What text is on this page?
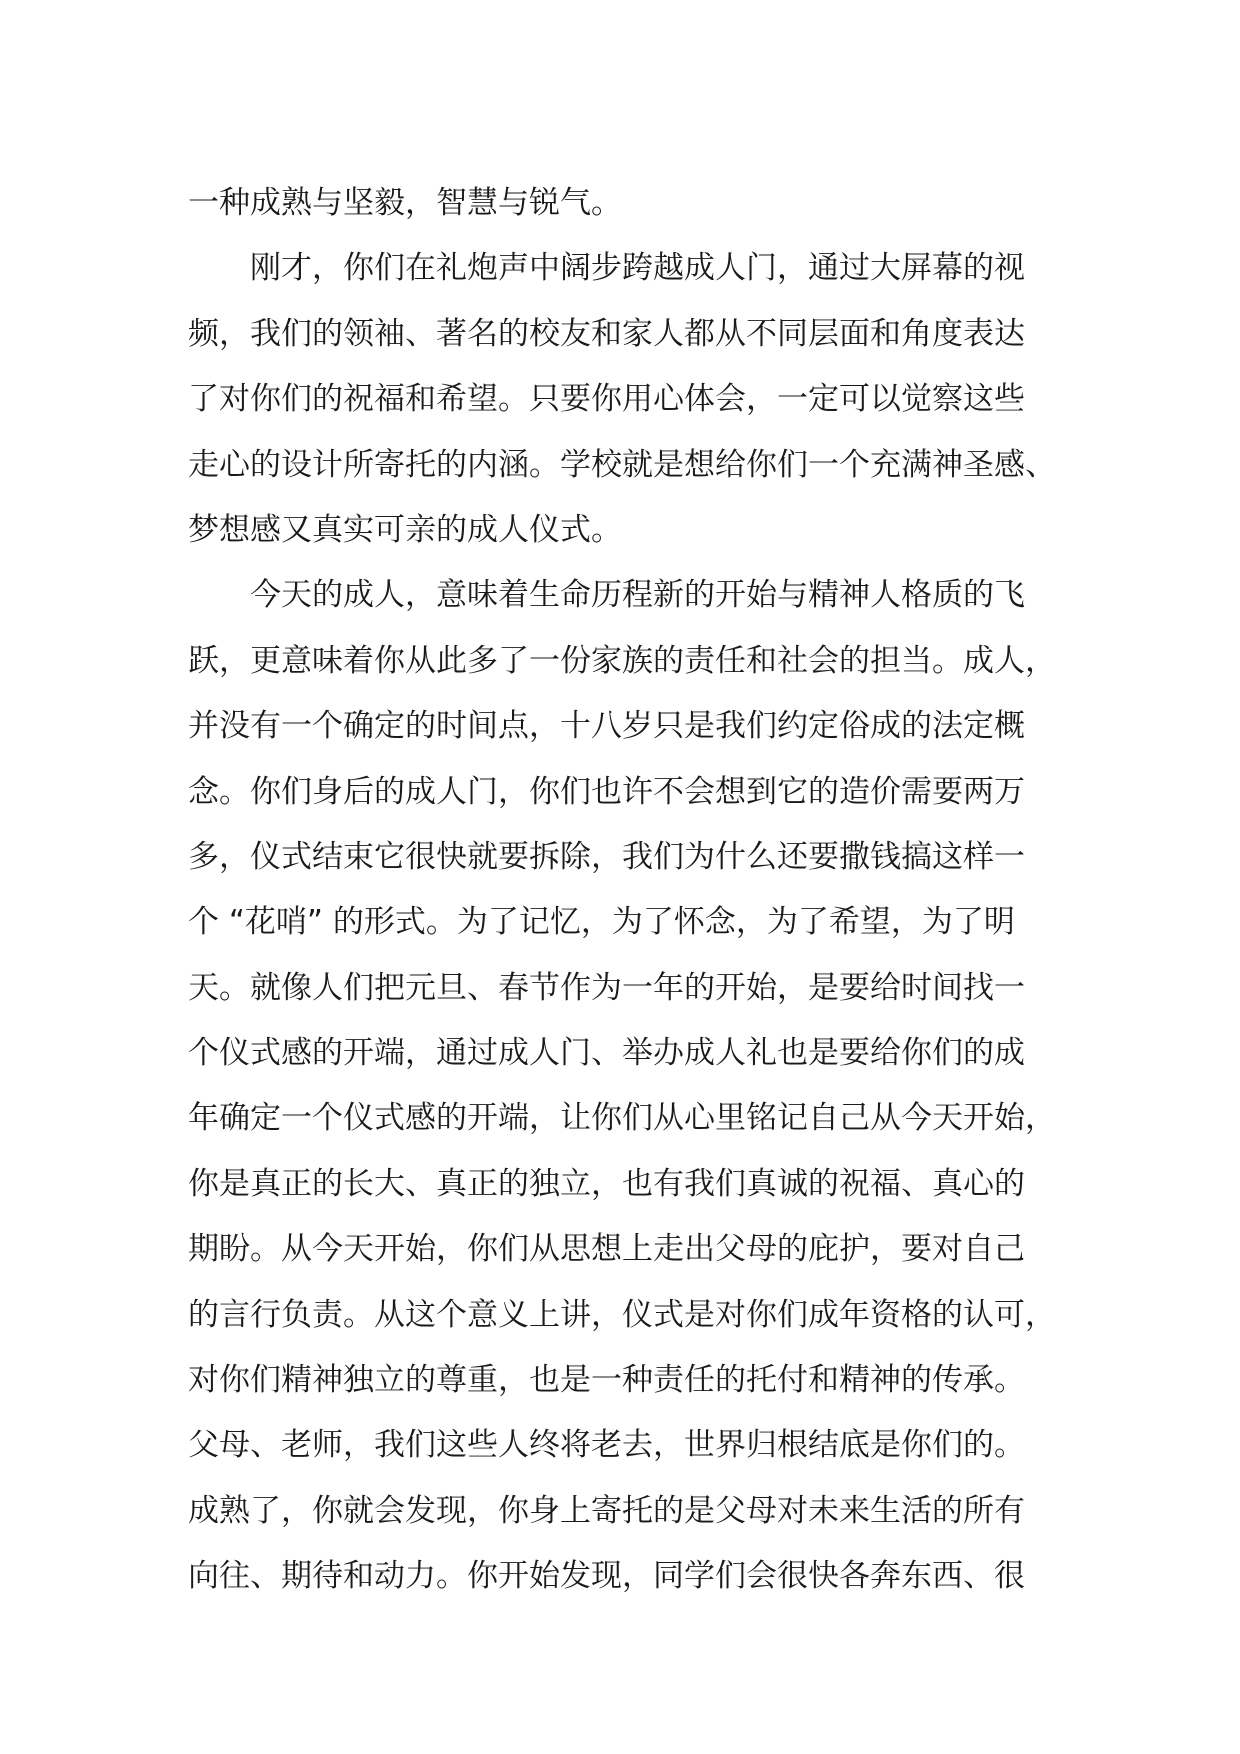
一种成熟与坚毅，智慧与锐气。
刚才，你们在礼炮声中阔步跨越成人门，通过大屏幕的视
频，我们的领袖、著名的校友和家人都从不同层面和角度表达
了对你们的祝福和希望。只要你用心体会，一定可以觉察这些
走心的设计所寄托的内涵。学校就是想给你们一个充满神圣感、
梦想感又真实可亲的成人仪式。
今天的成人，意味着生命历程新的开始与精神人格质的飞
跃，更意味着你从此多了一份家族的责任和社会的担当。成人，
并没有一个确定的时间点，十八岁只是我们约定俗成的法定概
念。你们身后的成人门，你们也许不会想到它的造价需要两万
多，仪式结束它很快就要拆除，我们为什么还要撒钱搞这样一
个 “花哨” 的形式。为了记忆，为了怀念，为了希望，为了明
天。就像人们把元旦、春节作为一年的开始，是要给时间找一
个仪式感的开端，通过成人门、举办成人礼也是要给你们的成
年确定一个仪式感的开端，让你们从心里铭记自己从今天开始，
你是真正的长大、真正的独立，也有我们真诚的祝福、真心的
期盼。从今天开始，你们从思想上走出父母的庇护，要对自己
的言行负责。从这个意义上讲，仪式是对你们成年资格的认可，
对你们精神独立的尊重，也是一种责任的托付和精神的传承。
父母、老师，我们这些人终将老去，世界归根结底是你们的。
成熟了，你就会发现，你身上寄托的是父母对未来生活的所有
向往、期待和动力。你开始发现，同学们会很快各奔东西、很
